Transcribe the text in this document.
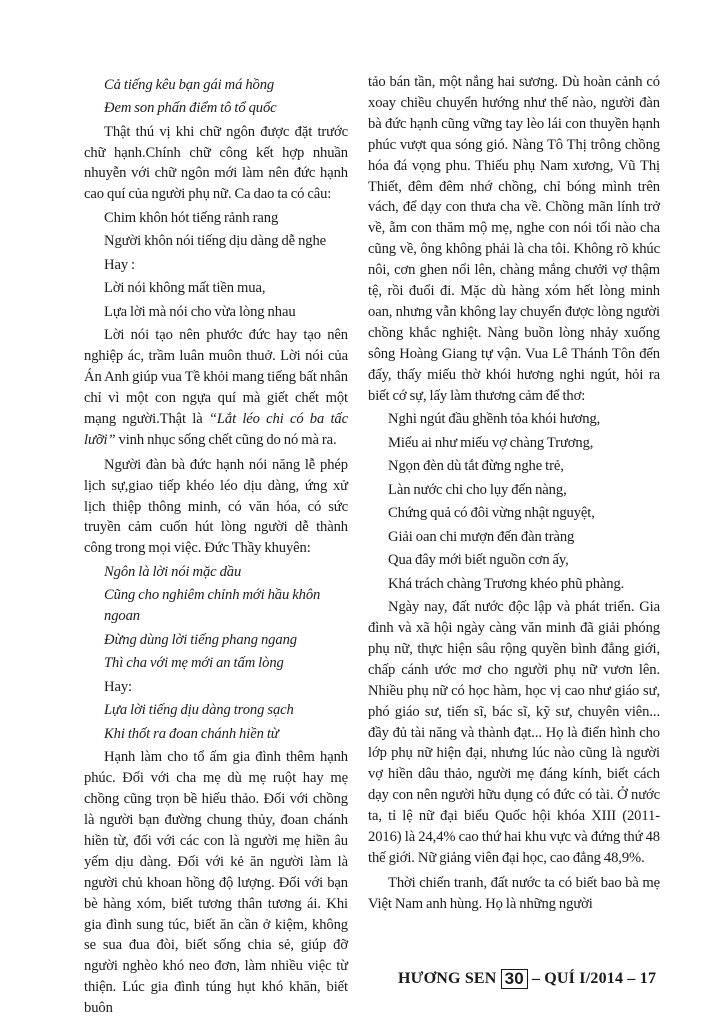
Cả tiếng kêu bạn gái má hồng

Đem son phấn điểm tô tổ quốc

Thật thú vị khi chữ ngôn được đặt trước chữ hạnh.Chính chữ công kết hợp nhuần nhuyễn với chữ ngôn mới làm nên đức hạnh cao quí của người phụ nữ. Ca dao ta có câu:

Chim khôn hót tiếng rảnh rang

Người khôn nói tiếng dịu dàng dễ nghe

Hay :

Lời nói không mất tiền mua,

Lựa lời mà nói cho vừa lòng nhau

Lời nói tạo nên phước đức hay tạo nên nghiệp ác, trầm luân muôn thuở. Lời nói của Án Anh giúp vua Tề khỏi mang tiếng bất nhân chỉ vì một con ngựa quí mà giết chết một mạng người.Thật là “Lắt léo chi có ba tấc lưỡi” vinh nhục sống chết cũng do nó mà ra.

Người đàn bà đức hạnh nói năng lễ phép lịch sự,giao tiếp khéo léo dịu dàng, ứng xử lịch thiệp thông minh, có văn hóa, có sức truyền cảm cuốn hút lòng người dễ thành công trong mọi việc. Đức Thầy khuyên:

Ngôn là lời nói mặc dầu

Cũng cho nghiêm chỉnh mới hầu khôn ngoan

Đừng dùng lời tiếng phang ngang

Thì cha với mẹ mới an tấm lòng

Hay:

Lựa lời tiếng dịu dàng trong sạch

Khi thốt ra đoan chánh hiền từ

Hạnh làm cho tổ ấm gia đình thêm hạnh phúc. Đối với cha mẹ dù mẹ ruột hay mẹ chồng cũng trọn bề hiếu thảo. Đối với chồng là người bạn đường chung thủy, đoan chánh hiền từ, đối với các con là người mẹ hiền âu yếm dịu dàng. Đối với kẻ ăn người làm là người chủ khoan hồng độ lượng. Đối với bạn bè hàng xóm, biết tương thân tương ái. Khi gia đình sung túc, biết ăn cần ở kiệm, không se sua đua đòi, biết sống chia sẻ, giúp đỡ người nghèo khó neo đơn, làm nhiều việc từ thiện. Lúc gia đình túng hụt khó khăn, biết buôn

tảo bán tần, một nắng hai sương. Dù hoàn cảnh có xoay chiều chuyển hướng như thế nào, người đàn bà đức hạnh cũng vững tay lèo lái con thuyền hạnh phúc vượt qua sóng gió. Nàng Tô Thị trông chồng hóa đá vọng phu. Thiếu phụ Nam xương, Vũ Thị Thiết, đêm đêm nhớ chồng, chỉ bóng mình trên vách, để dạy con thưa cha về. Chồng mãn lính trở về, ẵm con thăm mộ mẹ, nghe con nói tối nào cha cũng về, ông không phải là cha tôi. Không rõ khúc nôi, cơn ghen nổi lên, chàng mắng chưởi vợ thậm tệ, rồi đuổi đi. Mặc dù hàng xóm hết lòng minh oan, nhưng vẫn không lay chuyển được lòng người chồng khắc nghiệt. Nàng buồn lòng nhảy xuống sông Hoàng Giang tự vận. Vua Lê Thánh Tôn đến đấy, thấy miếu thờ khói hương nghi ngút, hỏi ra biết cớ sự, lấy làm thương cảm để thơ:

Nghi ngút đầu ghềnh tỏa khói hương,

Miếu ai như miếu vợ chàng Trương,

Ngọn đèn dù tắt đừng nghe trẻ,

Làn nước chi cho lụy đến nàng,

Chứng quả có đôi vừng nhật nguyệt,

Giải oan chi mượn đến đàn tràng

Qua đây mới biết nguồn cơn ấy,

Khá trách chàng Trương khéo phũ phàng.

Ngày nay, đất nước độc lập và phát triển. Gia đình và xã hội ngày càng văn minh đã giải phóng phụ nữ, thực hiện sâu rộng quyền bình đẳng giới, chấp cánh ước mơ cho người phụ nữ vươn lên. Nhiều phụ nữ có học hàm, học vị cao như giáo sư, phó giáo sư, tiến sĩ, bác sĩ, kỹ sư, chuyên viên... đầy đủ tài năng và thành đạt... Họ là điển hình cho lớp phụ nữ hiện đại, nhưng lúc nào cũng là người vợ hiền dâu thảo, người mẹ đáng kính, biết cách dạy con nên người hữu dụng có đức có tài. Ở nước ta, tỉ lệ nữ đại biểu Quốc hội khóa XIII (2011- 2016) là 24,4% cao thứ hai khu vực và đứng thứ 48 thế giới. Nữ giảng viên đại học, cao đẳng 48,9%.

Thời chiến tranh, đất nước ta có biết bao bà mẹ Việt Nam anh hùng. Họ là những người

HƯƠNG SEN 30 –
QUÍ I/2014
–
17
